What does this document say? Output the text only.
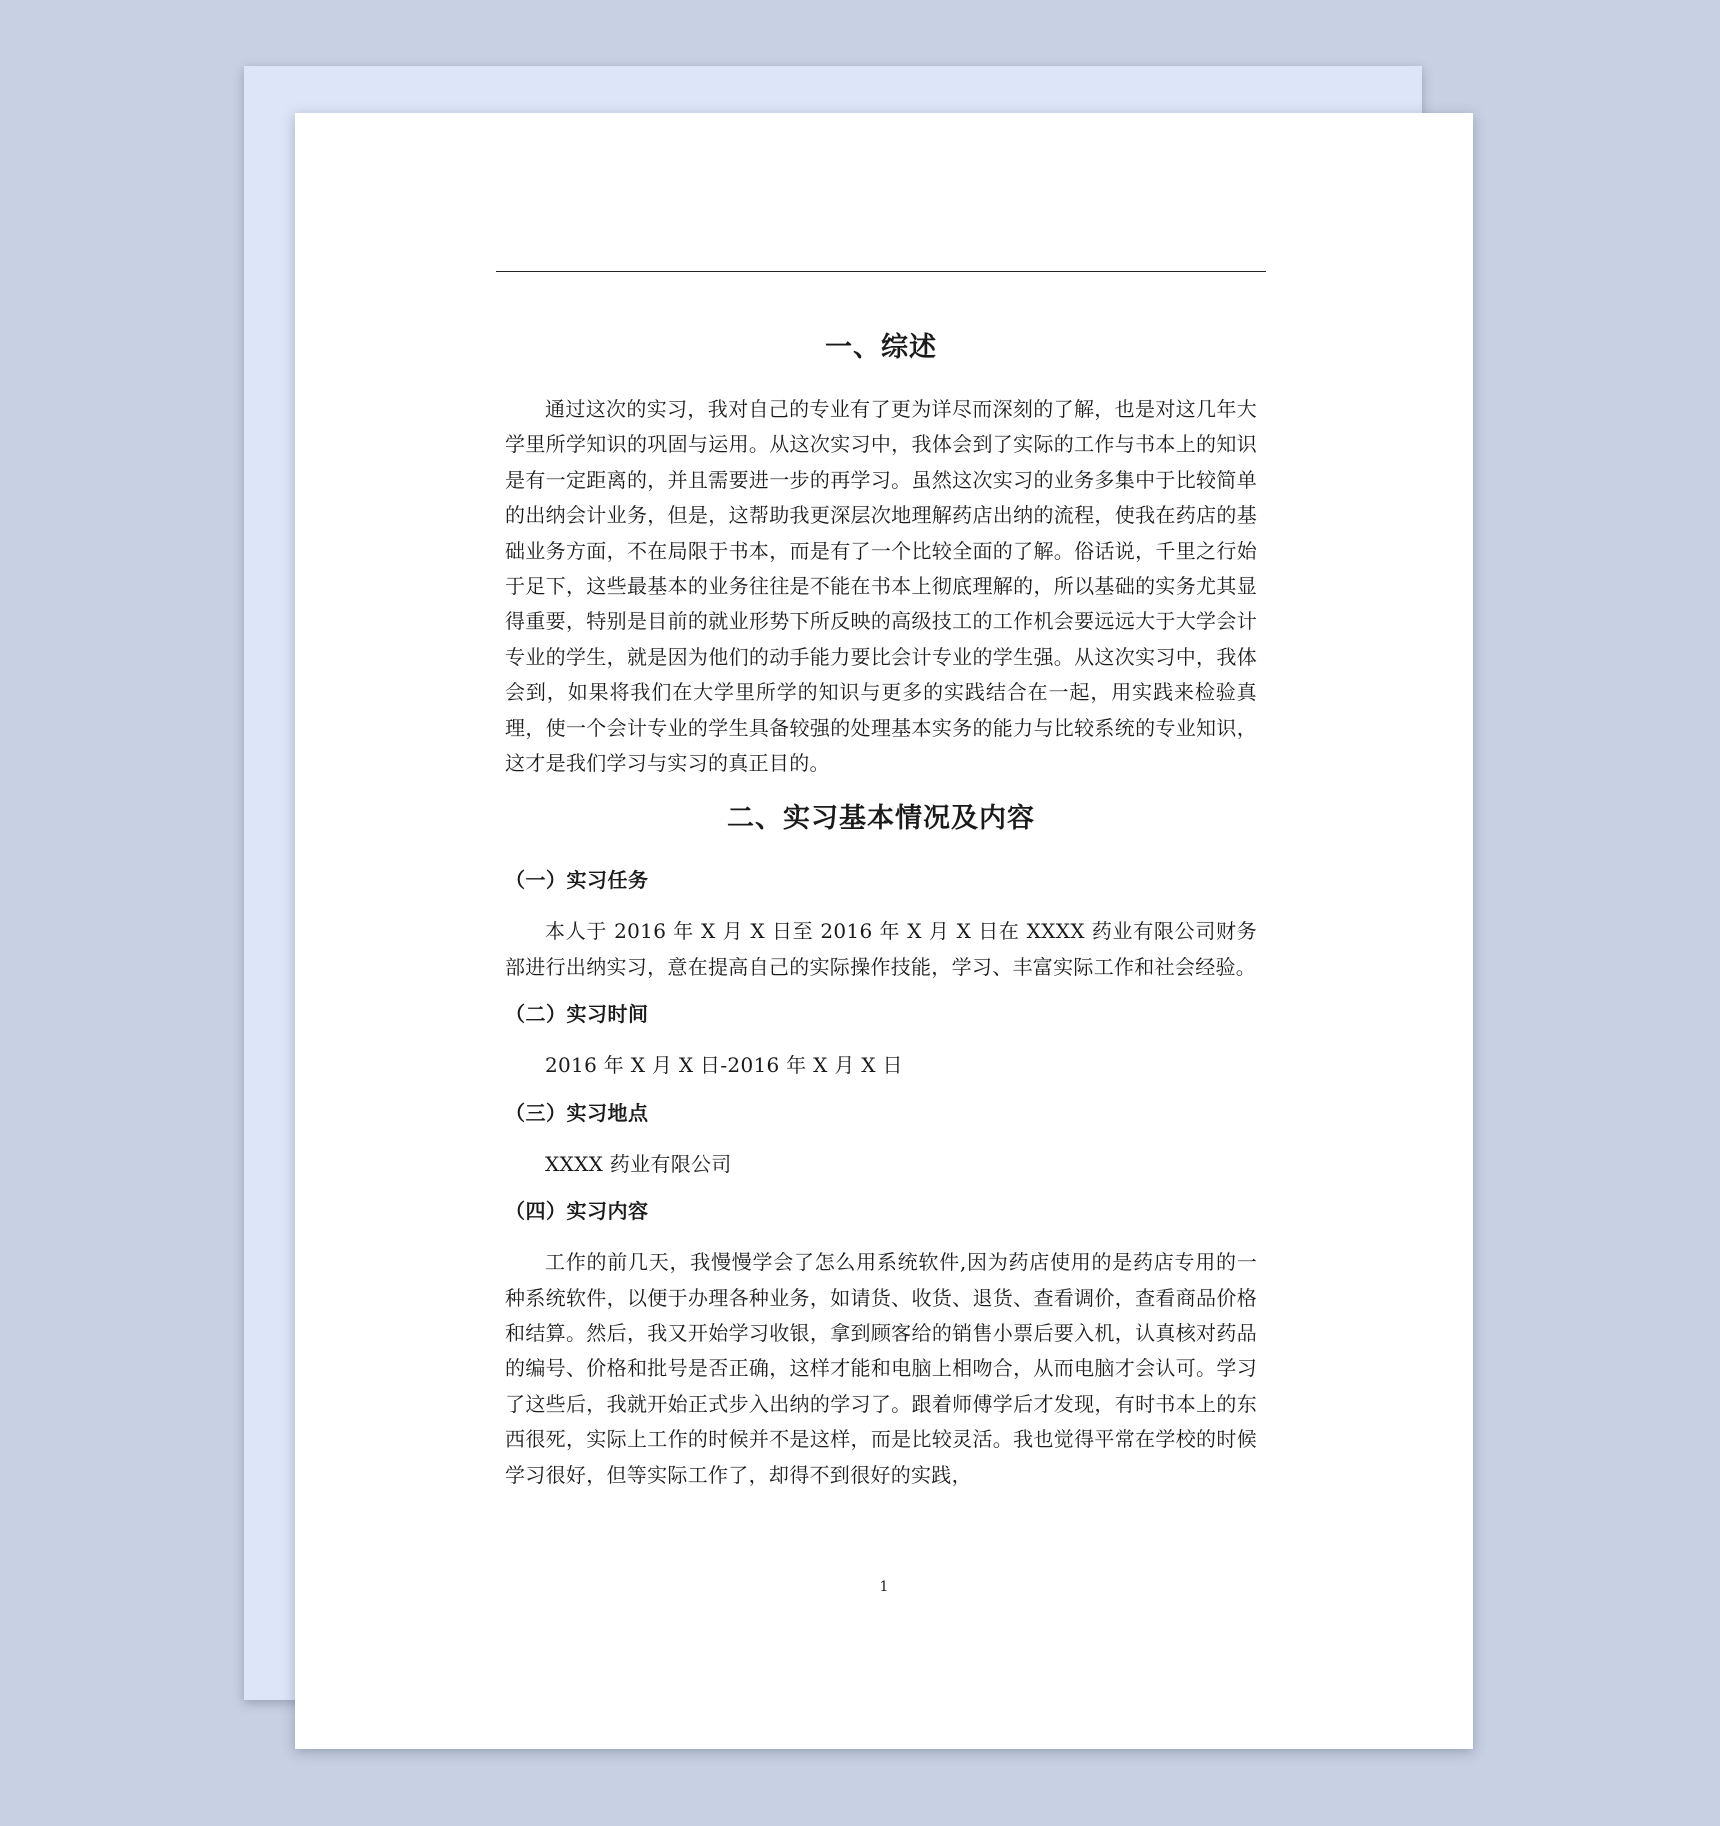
一、综述

通过这次的实习，我对自己的专业有了更为详尽而深刻的了解，也是对这几年大学里所学知识的巩固与运用。从这次实习中，我体会到了实际的工作与书本上的知识是有一定距离的，并且需要进一步的再学习。虽然这次实习的业务多集中于比较简单的出纳会计业务，但是，这帮助我更深层次地理解药店出纳的流程，使我在药店的基础业务方面，不在局限于书本，而是有了一个比较全面的了解。俗话说，千里之行始于足下，这些最基本的业务往往是不能在书本上彻底理解的，所以基础的实务尤其显得重要，特别是目前的就业形势下所反映的高级技工的工作机会要远远大于大学会计专业的学生，就是因为他们的动手能力要比会计专业的学生强。从这次实习中，我体会到，如果将我们在大学里所学的知识与更多的实践结合在一起，用实践来检验真理，使一个会计专业的学生具备较强的处理基本实务的能力与比较系统的专业知识，这才是我们学习与实习的真正目的。

二、实习基本情况及内容
（一）实习任务

本人于 2016 年 X 月 X 日至 2016 年 X 月 X 日在 XXXX 药业有限公司财务部进行出纳实习，意在提高自己的实际操作技能，学习、丰富实际工作和社会经验。

（二）实习时间

2016 年 X 月 X 日-2016 年 X 月 X 日

（三）实习地点

XXXX 药业有限公司

（四）实习内容

工作的前几天，我慢慢学会了怎么用系统软件,因为药店使用的是药店专用的一种系统软件，以便于办理各种业务，如请货、收货、退货、查看调价，查看商品价格和结算。然后，我又开始学习收银，拿到顾客给的销售小票后要入机，认真核对药品的编号、价格和批号是否正确，这样才能和电脑上相吻合，从而电脑才会认可。学习了这些后，我就开始正式步入出纳的学习了。跟着师傅学后才发现，有时书本上的东西很死，实际上工作的时候并不是这样，而是比较灵活。我也觉得平常在学校的时候学习很好，但等实际工作了，却得不到很好的实践，

1
